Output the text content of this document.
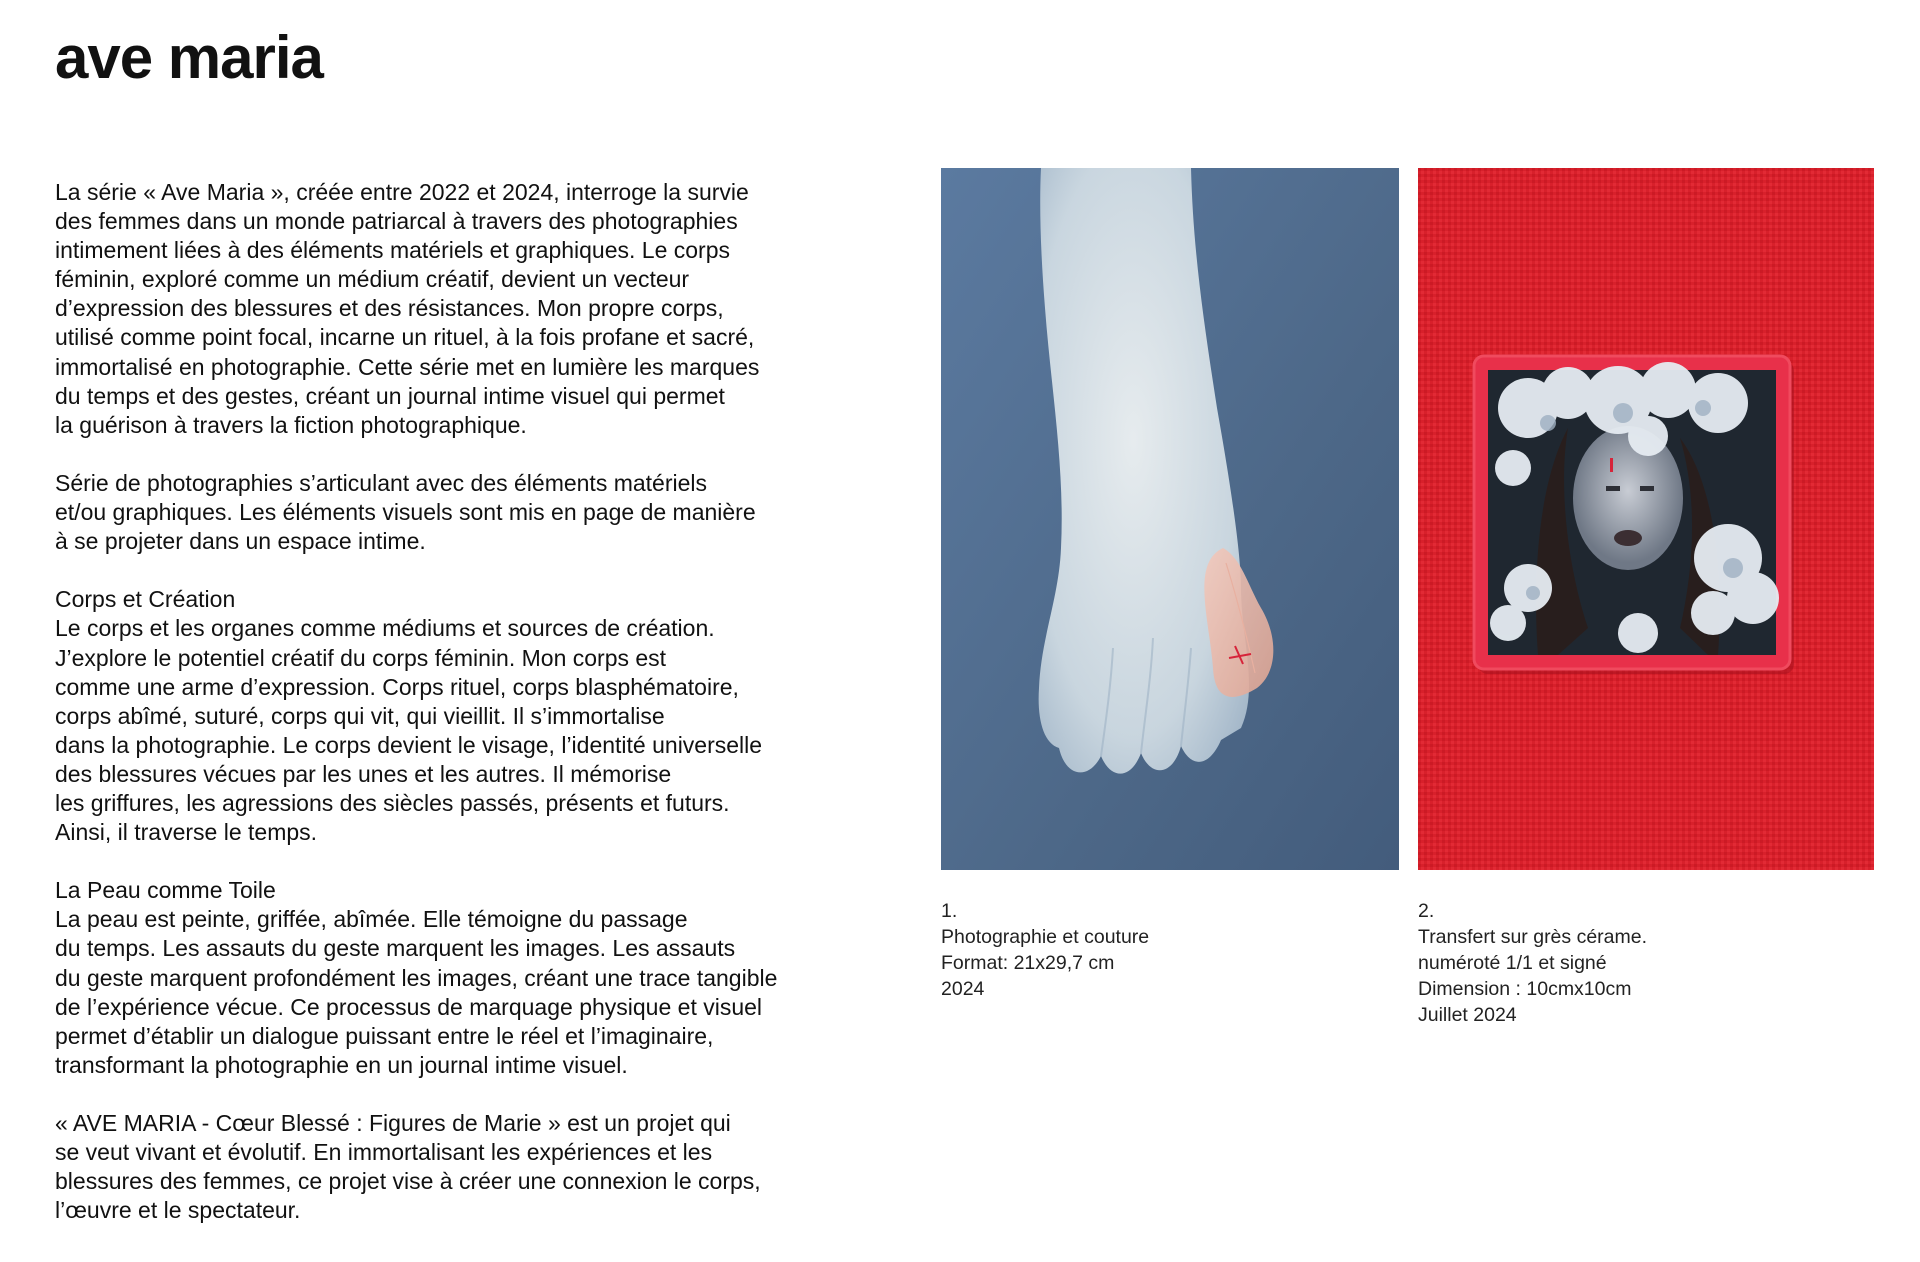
ave maria

La série « Ave Maria », créée entre 2022 et 2024, interroge la survie
des femmes dans un monde patriarcal à travers des photographies
intimement liées à des éléments matériels et graphiques. Le corps
féminin, exploré comme un médium créatif, devient un vecteur
d’expression des blessures et des résistances. Mon propre corps,
utilisé comme point focal, incarne un rituel, à la fois profane et sacré,
immortalisé en photographie. Cette série met en lumière les marques
du temps et des gestes, créant un journal intime visuel qui permet
la guérison à travers la fiction photographique.

Série de photographies s’articulant avec des éléments matériels
et/ou graphiques. Les éléments visuels sont mis en page de manière
à se projeter dans un espace intime.

Corps et Création
Le corps et les organes comme médiums et sources de création.
J’explore le potentiel créatif du corps féminin. Mon corps est
comme une arme d’expression. Corps rituel, corps blasphématoire,
corps abîmé, suturé, corps qui vit, qui vieillit. Il s’immortalise
dans la photographie. Le corps devient le visage, l’identité universelle
des blessures vécues par les unes et les autres. Il mémorise
les griffures, les agressions des siècles passés, présents et futurs.
Ainsi, il traverse le temps.

La Peau comme Toile
La peau est peinte, griffée, abîmée. Elle témoigne du passage
du temps. Les assauts du geste marquent les images. Les assauts
du geste marquent profondément les images, créant une trace tangible
de l’expérience vécue. Ce processus de marquage physique et visuel
permet d’établir un dialogue puissant entre le réel et l’imaginaire,
transformant la photographie en un journal intime visuel.

« AVE MARIA - Cœur Blessé : Figures de Marie » est un projet qui
se veut vivant et évolutif. En immortalisant les expériences et les
blessures des femmes, ce projet vise à créer une connexion le corps,
l’œuvre et le spectateur.

1.
Photographie et couture
Format: 21x29,7 cm
2024
2.
Transfert sur grès cérame.
numéroté 1/1 et signé
Dimension : 10cmx10cm
Juillet 2024
